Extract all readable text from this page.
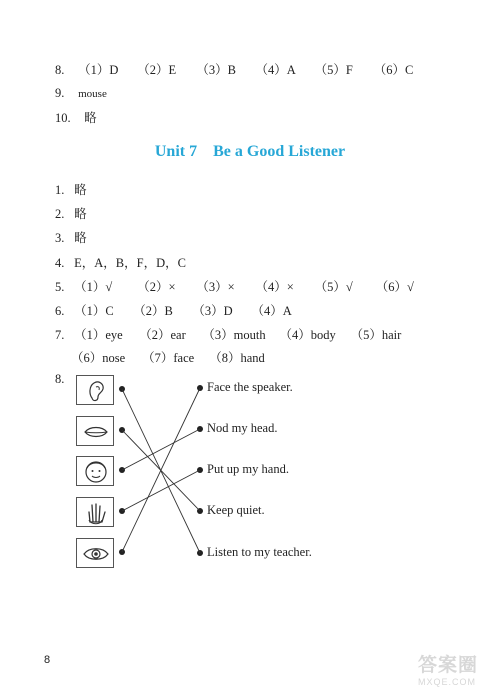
8. （1）D （2）E （3）B （4）A （5）F （6）C
9. mouse
10. 略
Unit 7 Be a Good Listener
1. 略
2. 略
3. 略
4. E，A，B，F，D，C
5. （1）√ （2）× （3）× （4）× （5）√ （6）√
6. （1）C （2）B （3）D （4）A
7. （1）eye （2）ear （3）mouth （4）body （5）hair
（6）nose （7）face （8）hand
8.
Face the speaker.
Nod my head.
Put up my hand.
Keep quiet.
Listen to my teacher.
8	答案圈
MXQE.COM
